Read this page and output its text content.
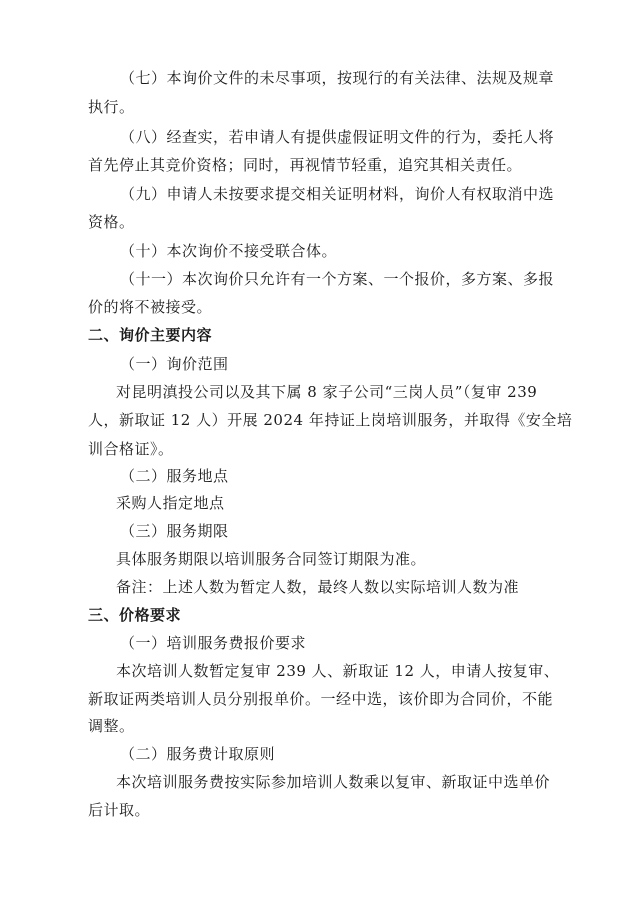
（七）本询价文件的未尽事项，按现行的有关法律、法规及规章
执行。
（八）经查实，若申请人有提供虚假证明文件的行为，委托人将
首先停止其竞价资格；同时，再视情节轻重，追究其相关责任。
（九）申请人未按要求提交相关证明材料，询价人有权取消中选
资格。
（十）本次询价不接受联合体。
（十一）本次询价只允许有一个方案、一个报价，多方案、多报
价的将不被接受。
二、询价主要内容
（一）询价范围
对昆明滇投公司以及其下属 8 家子公司“三岗人员”（复审 239
人，新取证 12 人）开展 2024 年持证上岗培训服务，并取得《安全培
训合格证》。
（二）服务地点
采购人指定地点
（三）服务期限
具体服务期限以培训服务合同签订期限为准。
备注：上述人数为暂定人数，最终人数以实际培训人数为准
三、价格要求
（一）培训服务费报价要求
本次培训人数暂定复审 239 人、新取证 12 人，申请人按复审、
新取证两类培训人员分别报单价。一经中选，该价即为合同价，不能
调整。
（二）服务费计取原则
本次培训服务费按实际参加培训人数乘以复审、新取证中选单价
后计取。
